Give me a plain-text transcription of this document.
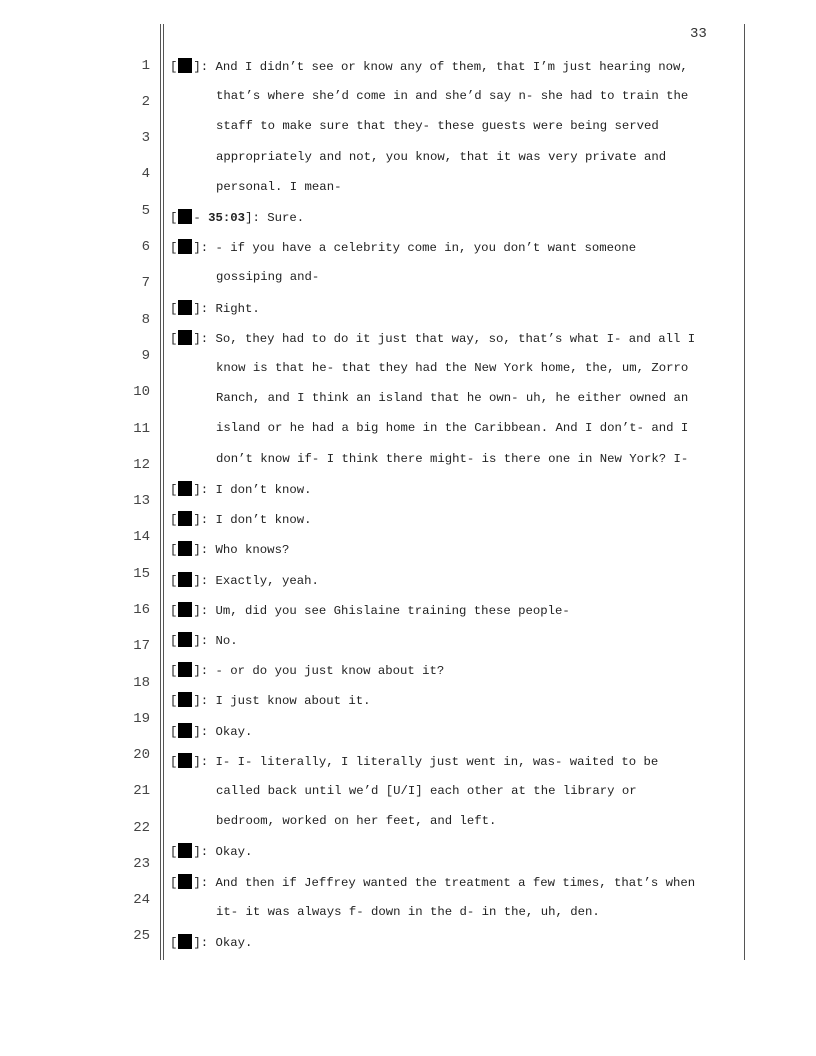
33
1
2
3
4
5
6
7
8
9
10
11
12
13
14
15
16
17
18
19
20
21
22
23
24
25
[ ]: And I didn’t see or know any of them, that I’m just hearing now,
that’s where she’d come in and she’d say n- she had to train the
staff to make sure that they- these guests were being served
appropriately and not, you know, that it was very private and
personal. I mean-
[ - 35:03]: Sure.
[ ]: - if you have a celebrity come in, you don’t want someone
gossiping and-
[ ]: Right.
[ ]: So, they had to do it just that way, so, that’s what I- and all I
know is that he- that they had the New York home, the, um, Zorro
Ranch, and I think an island that he own- uh, he either owned an
island or he had a big home in the Caribbean. And I don’t- and I
don’t know if- I think there might- is there one in New York? I-
[ ]: I don’t know.
[ ]: I don’t know.
[ ]: Who knows?
[ ]: Exactly, yeah.
[ ]: Um, did you see Ghislaine training these people-
[ ]: No.
[ ]: - or do you just know about it?
[ ]: I just know about it.
[ ]: Okay.
[ ]: I- I- literally, I literally just went in, was- waited to be
called back until we’d [U/I] each other at the library or
bedroom, worked on her feet, and left.
[ ]: Okay.
[ ]: And then if Jeffrey wanted the treatment a few times, that’s when
it- it was always f- down in the d- in the, uh, den.
[ ]: Okay.
